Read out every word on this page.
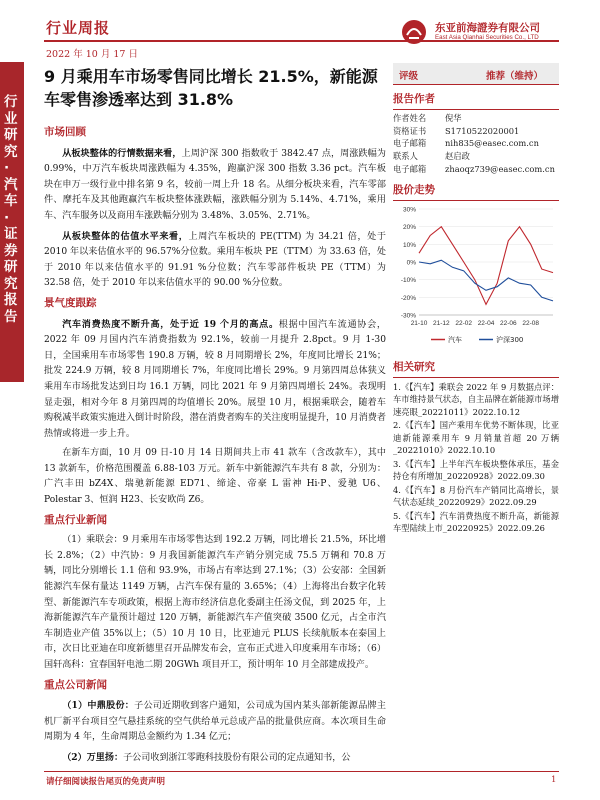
行业周报
2022 年 10 月 17 日
东亚前海證券有限公司
East Asia Qianhai Securities Co., LTD
行业研究·汽车·证券研究报告
9 月乘用车市场零售同比增长 21.5%，新能源车零售渗透率达到 31.8%
市场回顾

从板块整体的行情数据来看，上周沪深 300 指数收于 3842.47 点，周涨跌幅为 0.99%，中万汽车板块周涨跌幅为 4.35%，跑赢沪深 300 指数 3.36 pct。汽车板块在申万一级行业中排名第 9 名，较前一周上升 18 名。从细分板块来看，汽车零部件、摩托车及其他跑赢汽车板块整体涨跌幅，涨跌幅分别为 5.14%、4.71%，乘用车、汽车服务以及商用车涨跌幅分别为 3.48%、3.05%、2.71%。

从板块整体的估值水平来看，上周汽车板块的 PE(TTM) 为 34.21 倍，处于 2010 年以来估值水平的 96.57%分位数。乘用车板块 PE（TTM）为 33.63 倍，处于 2010 年以来估值水平的 91.91 %分位数；汽车零部件板块 PE（TTM）为 32.58 倍，处于 2010 年以来估值水平的 90.00 %分位数。

景气度跟踪

汽车消费热度不断升高，处于近 19 个月的高点。根据中国汽车流通协会，2022 年 09 月国内汽车消费指数为 92.1%，较前一月提升 2.8pct。9 月 1-30 日，全国乘用车市场零售 190.8 万辆，较 8 月同期增长 2%，年度同比增长 21%；批发 224.9 万辆，较 8 月同期增长 7%，年度同比增长 29%。9 月第四周总体狭义乘用车市场批发达到日均 16.1 万辆，同比 2021 年 9 月第四周增长 24%。表现明显走强，相对今年 8 月第四周的均值增长 20%。展望 10 月，根据乘联会，随着车购税减半政策实施进入倒计时阶段，潜在消费者购车的关注度明显提升，10 月消费者热情或将进一步上升。

在新车方面，10 月 09 日-10 月 14 日期间共上市 41 款车（含改款车），其中 13 款新车，价格范围覆盖 6.88-103 万元。新车中新能源汽车共有 8 款，分别为：广汽丰田 bZ4X、瑞驰新能源 ED71、缔途、帝豪 L 雷神 Hi·P、爱驰 U6、Polestar 3、恒润 H23、长安欧尚 Z6。

重点行业新闻

（1）乘联会：9 月乘用车市场零售达到 192.2 万辆，同比增长 21.5%，环比增长 2.8%；（2）中汽协：9 月我国新能源汽车产销分别完成 75.5 万辆和 70.8 万辆，同比分别增长 1.1 倍和 93.9%，市场占有率达到 27.1%；（3）公安部：全国新能源汽车保有量达 1149 万辆，占汽车保有量的 3.65%；（4）上海将出台数字化转型、新能源汽车专项政策，根据上海市经济信息化委副主任汤文侃，到 2025 年，上海新能源汽车产量预计超过 120 万辆，新能源汽车产值突破 3500 亿元，占全市汽车制造业产值 35%以上；（5）10 月 10 日，比亚迪元 PLUS 长续航版本在泰国上市，次日比亚迪在印度新德里召开品牌发布会，宣布正式进入印度乘用车市场；（6）国轩高科：宜春国轩电池二期 20GWh 项目开工，预计明年 10 月全部建成投产。

重点公司新闻

（1）中鼎股份：子公司近期收到客户通知，公司成为国内某头部新能源品牌主机厂新平台项目空气悬挂系统的空气供给单元总成产品的批量供应商。本次项目生命周期为 4 年，生命周期总金额约为 1.34 亿元；

（2）万里扬：子公司收到浙江零跑科技股份有限公司的定点通知书，公

评级	推荐（维持）
报告作者
作者姓名	倪华
资格证书	S1710522020001
电子邮箱	nih835@easec.com.cn
联系人	赵启政
电子邮箱	zhaoqz739@easec.com.cn
股价走势
30%
20%
10%
0%
-10%
-20%
-30%
21-10 21-12 22-02 22-04 22-06 22-08
汽车	沪深300
相关研究

1.《【汽车】乘联会 2022 年 9 月数据点评：车市维持景气状态，自主品牌在新能源市场增速亮眼_20221011》2022.10.12

2.《【汽车】国产乘用车优势不断体现，比亚迪新能源乘用车 9 月销量首超 20 万辆_20221010》2022.10.10

3.《【汽车】上半年汽车板块整体承压，基金持仓有所增加_20220928》2022.09.30

4.《【汽车】8 月份汽车产销同比高增长，景气状态延续_20220929》2022.09.29

5.《【汽车】汽车消费热度不断升高，新能源车型陆续上市_20220925》2022.09.26

请仔细阅读报告尾页的免责声明	1
